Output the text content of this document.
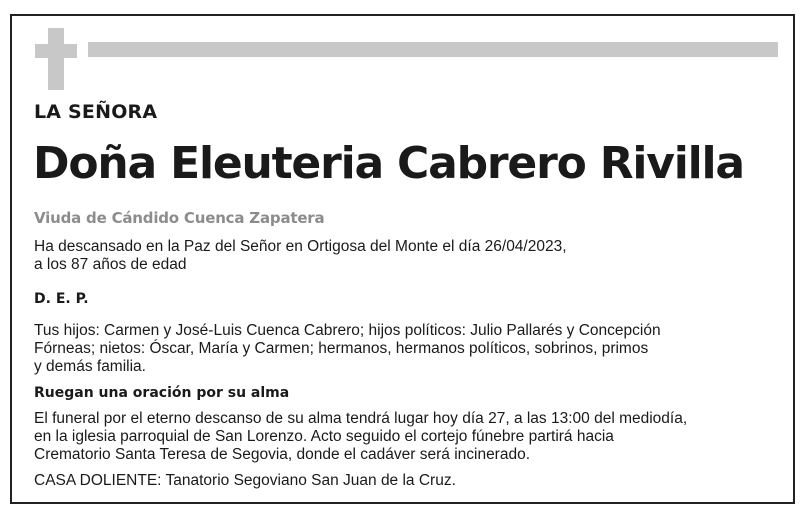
LA SEÑORA
Doña Eleuteria Cabrero Rivilla
Viuda de Cándido Cuenca Zapatera
Ha descansado en la Paz del Señor en Ortigosa del Monte el día 26/04/2023,
a los 87 años de edad
D. E. P.
Tus hijos: Carmen y José-Luis Cuenca Cabrero; hijos políticos: Julio Pallarés y Concepción
Fórneas; nietos: Óscar, María y Carmen; hermanos, hermanos políticos, sobrinos, primos
y demás familia.
Ruegan una oración por su alma
El funeral por el eterno descanso de su alma tendrá lugar hoy día 27, a las 13:00 del mediodía,
en la iglesia parroquial de San Lorenzo. Acto seguido el cortejo fúnebre partirá hacia
Crematorio Santa Teresa de Segovia, donde el cadáver será incinerado.
CASA DOLIENTE: Tanatorio Segoviano San Juan de la Cruz.
